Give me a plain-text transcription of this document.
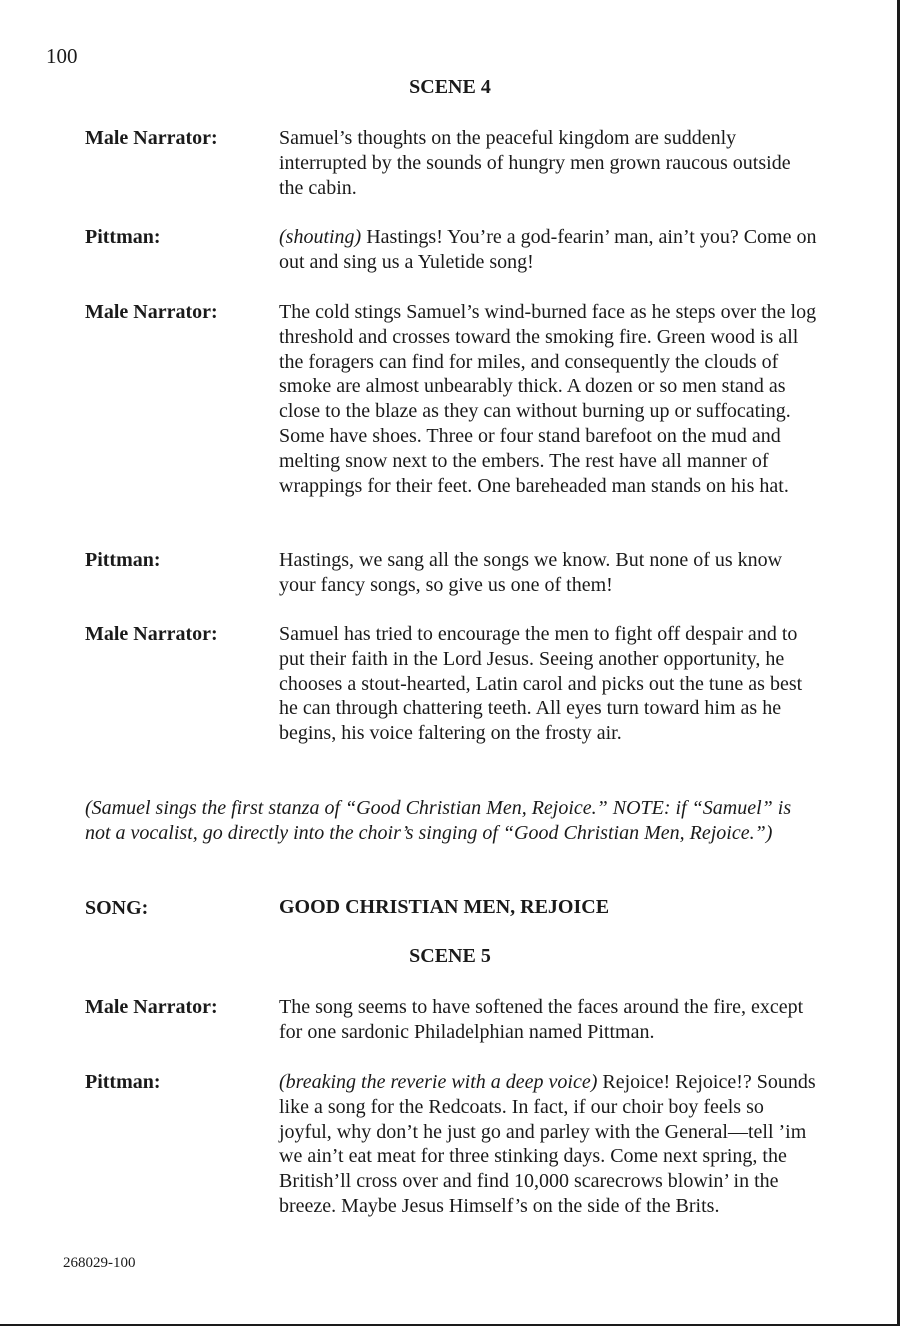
100
SCENE 4
Male Narrator:	Samuel’s thoughts on the peaceful kingdom are suddenly interrupted by the sounds of hungry men grown raucous outside the cabin.
Pittman:	(shouting) Hastings! You’re a god-fearin’ man, ain’t you? Come on out and sing us a Yuletide song!
Male Narrator:	The cold stings Samuel’s wind-burned face as he steps over the log threshold and crosses toward the smoking fire. Green wood is all the foragers can find for miles, and consequently the clouds of smoke are almost unbearably thick. A dozen or so men stand as close to the blaze as they can without burning up or suffocating. Some have shoes. Three or four stand barefoot on the mud and melting snow next to the embers. The rest have all manner of wrappings for their feet. One bareheaded man stands on his hat.
Pittman:	Hastings, we sang all the songs we know. But none of us know your fancy songs, so give us one of them!
Male Narrator:	Samuel has tried to encourage the men to fight off despair and to put their faith in the Lord Jesus. Seeing another opportunity, he chooses a stout-hearted, Latin carol and picks out the tune as best he can through chattering teeth. All eyes turn toward him as he begins, his voice faltering on the frosty air.
(Samuel sings the first stanza of “Good Christian Men, Rejoice.” NOTE: if “Samuel” is not a vocalist, go directly into the choir’s singing of “Good Christian Men, Rejoice.”)
SONG:	GOOD CHRISTIAN MEN, REJOICE
SCENE 5
Male Narrator:	The song seems to have softened the faces around the fire, except for one sardonic Philadelphian named Pittman.
Pittman:	(breaking the reverie with a deep voice) Rejoice! Rejoice!? Sounds like a song for the Redcoats. In fact, if our choir boy feels so joyful, why don’t he just go and parley with the General—tell ’im we ain’t eat meat for three stinking days. Come next spring, the British’ll cross over and find 10,000 scarecrows blowin’ in the breeze. Maybe Jesus Himself’s on the side of the Brits.
268029-100
